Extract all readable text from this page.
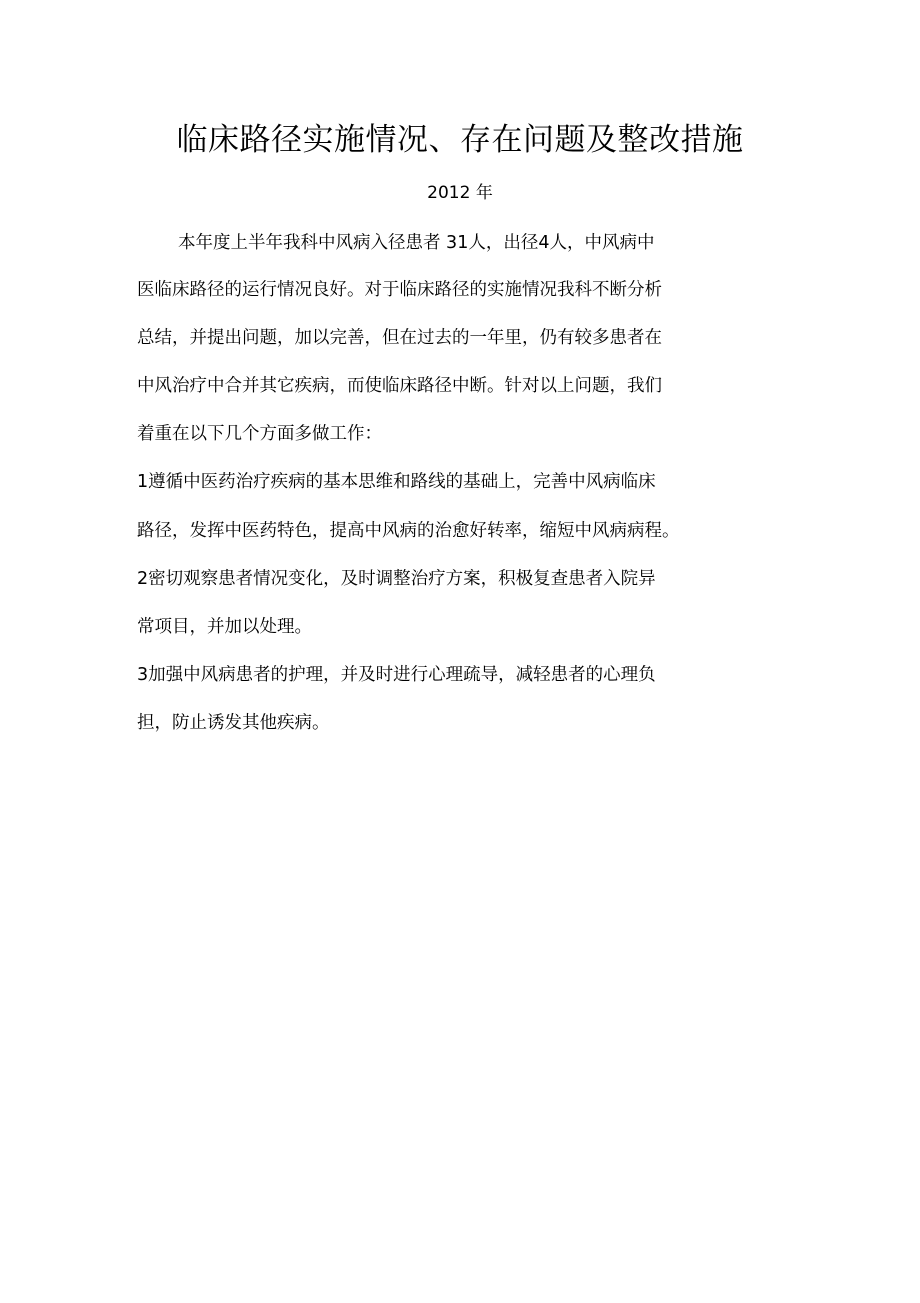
临床路径实施情况、存在问题及整改措施
2012 年
本年度上半年我科中风病入径患者 31人，出径4人，中风病中
医临床路径的运行情况良好。对于临床路径的实施情况我科不断分析
总结，并提出问题，加以完善，但在过去的一年里，仍有较多患者在
中风治疗中合并其它疾病，而使临床路径中断。针对以上问题，我们
着重在以下几个方面多做工作：
1遵循中医药治疗疾病的基本思维和路线的基础上，完善中风病临床
路径，发挥中医药特色，提高中风病的治愈好转率，缩短中风病病程。
2密切观察患者情况变化，及时调整治疗方案，积极复查患者入院异
常项目，并加以处理。
3加强中风病患者的护理，并及时进行心理疏导，减轻患者的心理负
担，防止诱发其他疾病。
